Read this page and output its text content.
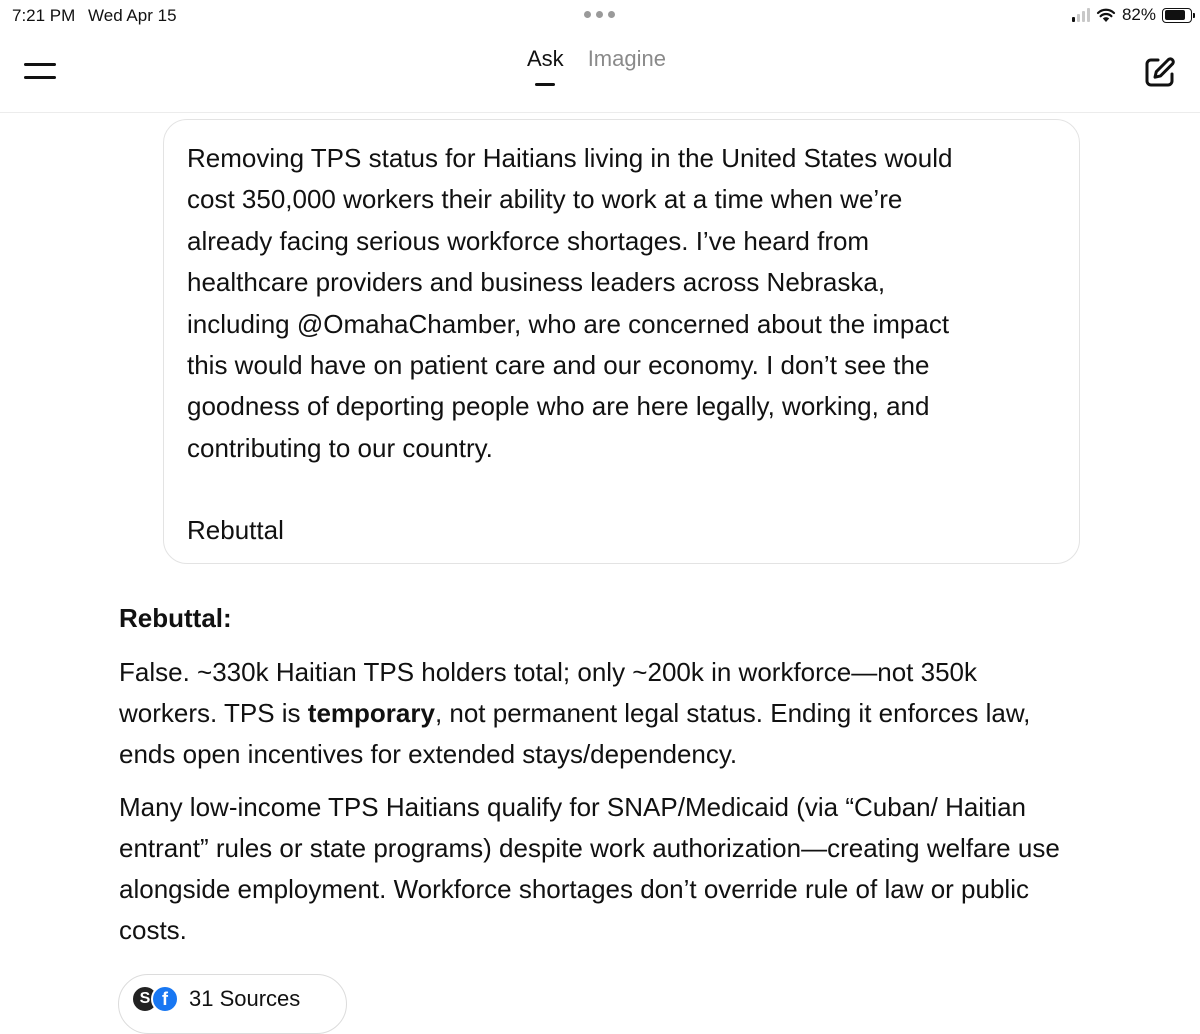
7:21 PM Wed Apr 15	82%
Ask Imagine
Removing TPS status for Haitians living in the United States would
cost 350,000 workers their ability to work at a time when we’re
already facing serious workforce shortages. I’ve heard from
healthcare providers and business leaders across Nebraska,
including @OmahaChamber, who are concerned about the impact
this would have on patient care and our economy. I don’t see the
goodness of deporting people who are here legally, working, and
contributing to our country.
Rebuttal
Rebuttal:

False. ~330k Haitian TPS holders total; only ~200k in workforce—not 350k workers. TPS is temporary, not permanent legal status. Ending it enforces law, ends open incentives for extended stays/dependency.

Many low-income TPS Haitians qualify for SNAP/Medicaid (via “Cuban/ Haitian entrant” rules or state programs) despite work authorization—creating welfare use alongside employment. Workforce shortages don’t override rule of law or public costs.

S f 31 Sources
